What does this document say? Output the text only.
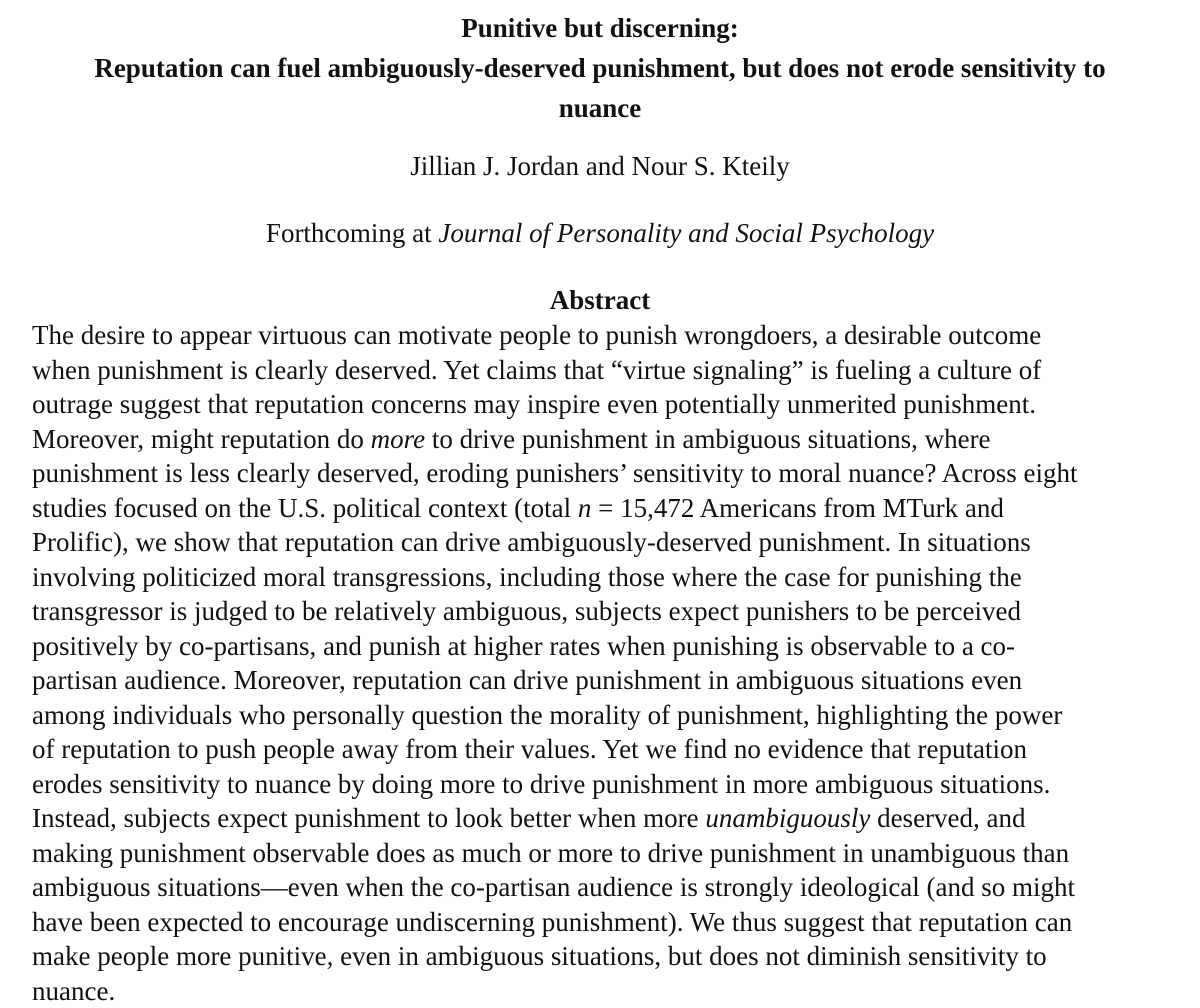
Punitive but discerning:
Reputation can fuel ambiguously-deserved punishment, but does not erode sensitivity to
nuance

Jillian J. Jordan and Nour S. Kteily

Forthcoming at Journal of Personality and Social Psychology

Abstract
The desire to appear virtuous can motivate people to punish wrongdoers, a desirable outcome
when punishment is clearly deserved. Yet claims that “virtue signaling” is fueling a culture of
outrage suggest that reputation concerns may inspire even potentially unmerited punishment.
Moreover, might reputation do more to drive punishment in ambiguous situations, where
punishment is less clearly deserved, eroding punishers’ sensitivity to moral nuance? Across eight
studies focused on the U.S. political context (total n = 15,472 Americans from MTurk and
Prolific), we show that reputation can drive ambiguously-deserved punishment. In situations
involving politicized moral transgressions, including those where the case for punishing the
transgressor is judged to be relatively ambiguous, subjects expect punishers to be perceived
positively by co-partisans, and punish at higher rates when punishing is observable to a co-
partisan audience. Moreover, reputation can drive punishment in ambiguous situations even
among individuals who personally question the morality of punishment, highlighting the power
of reputation to push people away from their values. Yet we find no evidence that reputation
erodes sensitivity to nuance by doing more to drive punishment in more ambiguous situations.
Instead, subjects expect punishment to look better when more unambiguously deserved, and
making punishment observable does as much or more to drive punishment in unambiguous than
ambiguous situations—even when the co-partisan audience is strongly ideological (and so might
have been expected to encourage undiscerning punishment). We thus suggest that reputation can
make people more punitive, even in ambiguous situations, but does not diminish sensitivity to
nuance.
